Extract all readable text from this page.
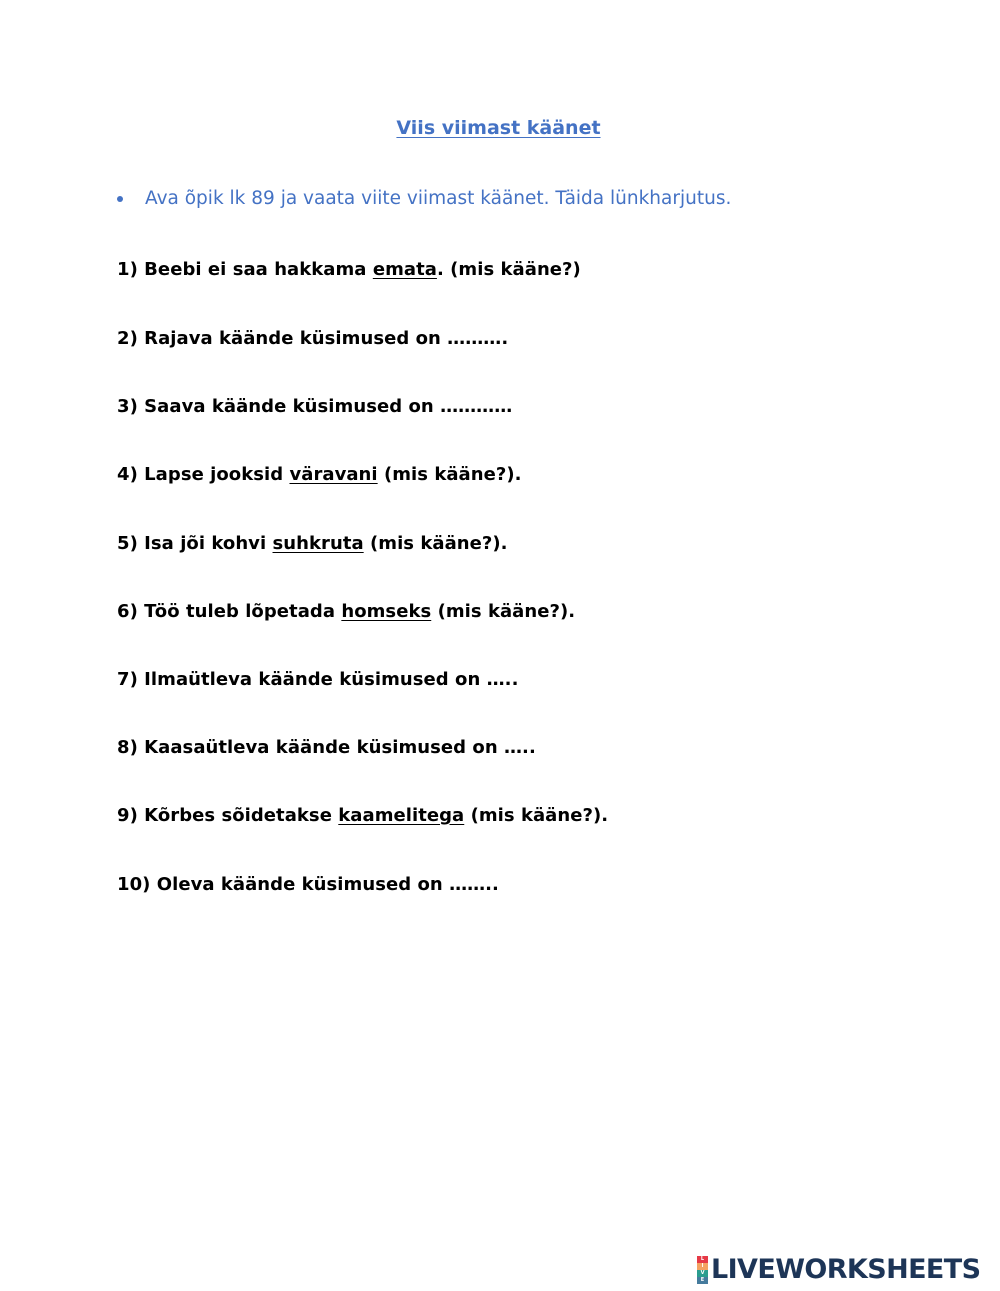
Viis viimast käänet
Ava õpik lk 89 ja vaata viite viimast käänet. Täida lünkharjutus.
1) Beebi ei saa hakkama emata. (mis kääne?)
2) Rajava käände küsimused on ……….
3) Saava käände küsimused on …………
4) Lapse jooksid väravani (mis kääne?).
5) Isa jõi kohvi suhkruta (mis kääne?).
6) Töö tuleb lõpetada homseks (mis kääne?).
7) Ilmaütleva käände küsimused on …..
8) Kaasaütleva käände küsimused on …..
9) Kõrbes sõidetakse kaamelitega (mis kääne?).
10) Oleva käände küsimused on ……..
L
I
V
E LIVEWORKSHEETS
